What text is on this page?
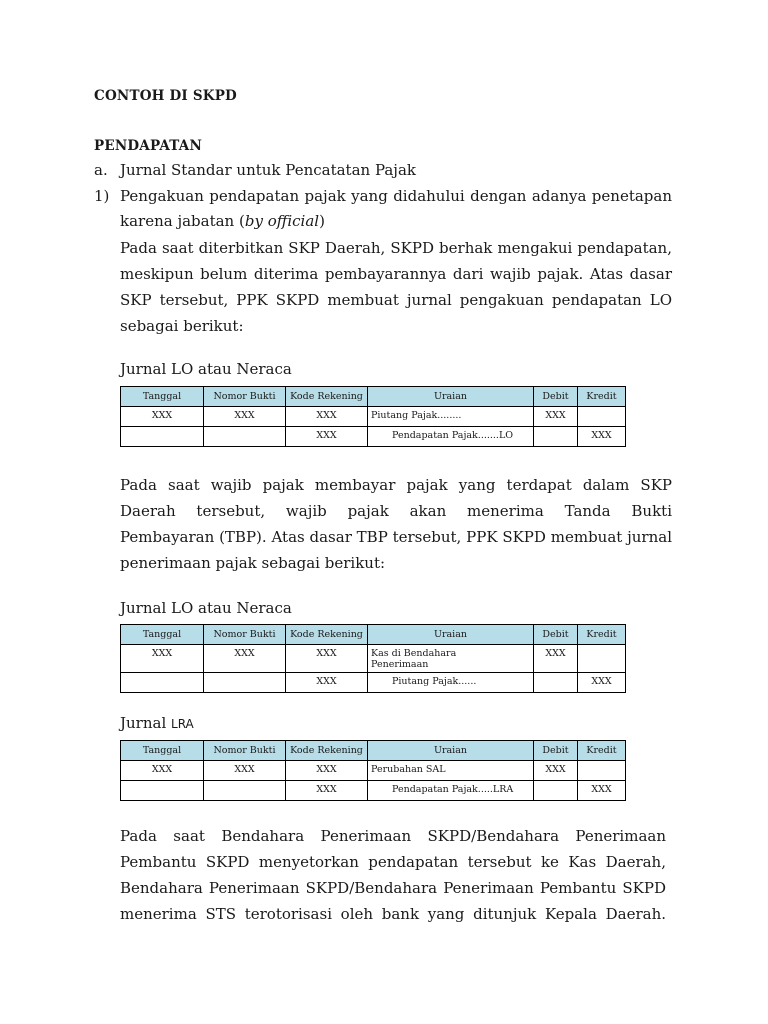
CONTOH DI SKPD
PENDAPATAN
a. Jurnal Standar untuk Pencatatan Pajak
1) Pengakuan pendapatan pajak yang didahului dengan adanya penetapan
karena jabatan (by official)
Pada saat diterbitkan SKP Daerah, SKPD berhak mengakui pendapatan,
meskipun belum diterima pembayarannya dari wajib pajak. Atas dasar
SKP tersebut, PPK SKPD membuat jurnal pengakuan pendapatan LO
sebagai berikut:
Jurnal LO atau Neraca
Tanggal	Nomor Bukti	Kode Rekening	Uraian	Debit	Kredit
XXX	XXX	XXX	Piutang Pajak........	XXX	
		XXX	Pendapatan Pajak.......LO		XXX
Pada saat wajib pajak membayar pajak yang terdapat dalam SKP
Daerah tersebut, wajib pajak akan menerima Tanda Bukti
Pembayaran (TBP). Atas dasar TBP tersebut, PPK SKPD membuat jurnal
penerimaan pajak sebagai berikut:
Jurnal LO atau Neraca
Tanggal	Nomor Bukti	Kode Rekening	Uraian	Debit	Kredit
XXX	XXX	XXX	Kas di Bendahara Penerimaan	XXX	
		XXX	Piutang Pajak......		XXX
Jurnal LRA
Tanggal	Nomor Bukti	Kode Rekening	Uraian	Debit	Kredit
XXX	XXX	XXX	Perubahan SAL	XXX	
		XXX	Pendapatan Pajak.....LRA		XXX
Pada saat Bendahara Penerimaan SKPD/Bendahara Penerimaan
Pembantu SKPD menyetorkan pendapatan tersebut ke Kas Daerah,
Bendahara Penerimaan SKPD/Bendahara Penerimaan Pembantu SKPD
menerima STS terotorisasi oleh bank yang ditunjuk Kepala Daerah.
